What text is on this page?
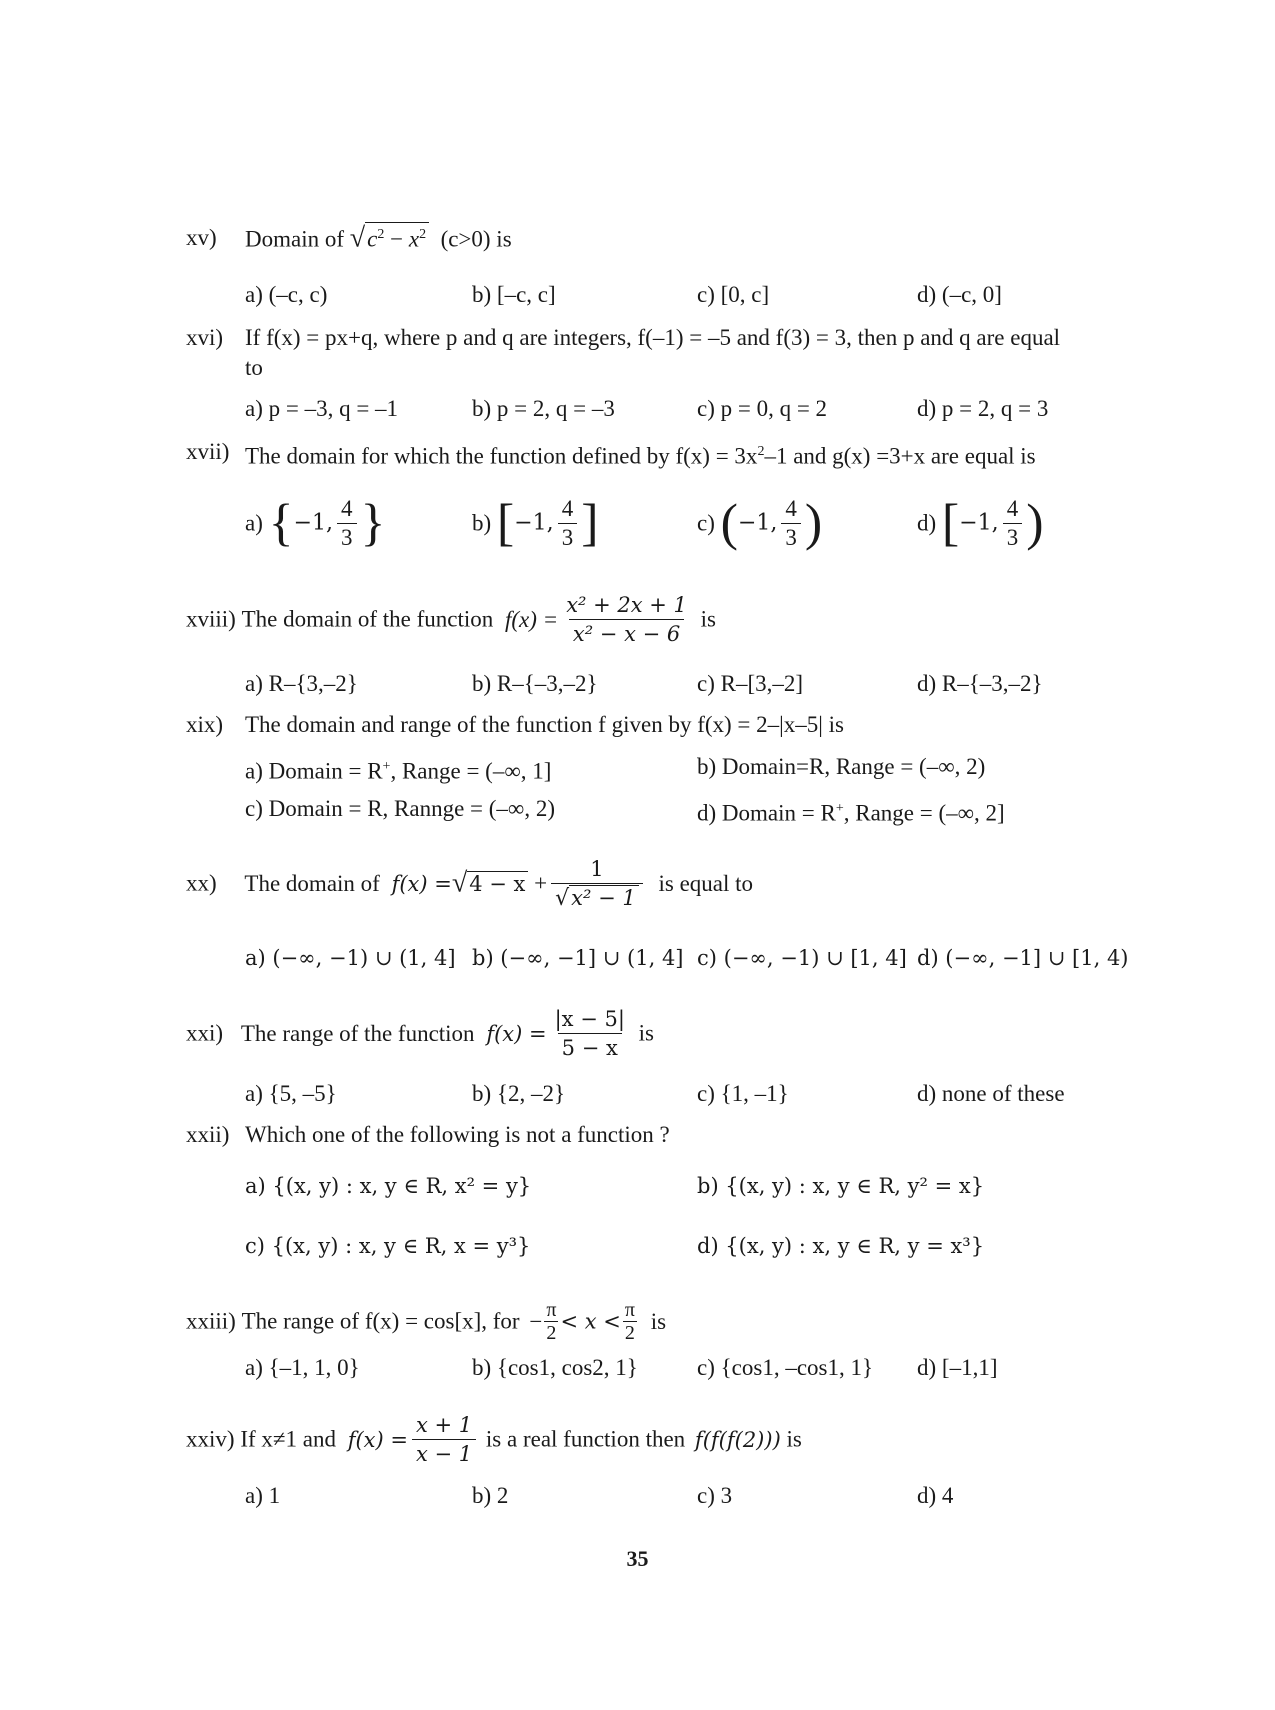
xv) Domain of $√c^2 - x^2$ (c>0) is
a) (–c, c)	b) [–c, c]	c) [0, c]	d) (–c, 0]
xvi) If f(x) = px+q, where p and q are integers, f(–1) = –5 and f(3) = 3, then p and q are equal
to
a) p = –3, q = –1	b) p = 2, q = –3	c) p = 0, q = 2	d) p = 2, q = 3
xvii) The domain for which the function defined by $f(x) = 3x^2-1$ and g(x) =3+x are equal is
a) {−1, $\frac{4}{3}$ }	b) [−1, $\frac{4}{3}$ ]	c) (−1, $\frac{4}{3}$ )	d) [−1, $\frac{4}{3}$ )
xviii) The domain of the function $f(x) = \frac{\text{x² + 2x + 1}}{\text{x² − x − 6}}$ is
a) R–{3,–2}	b) R–{–3,–2}	c) R–[3,–2]	d) R–{–3,–2}
xix) The domain and range of the function f given by f(x) = 2–|x–5| is
a) Domain = R+, Range = (–∞, 1]	b) Domain=R, Range = (–∞, 2)
c) Domain = R, Rannge = (–∞, 2)	d) Domain = R+, Range = (–∞, 2]
xx) The domain of $f(x) =√4 - x + \frac{1}{\text{√x² − 1}}$ is equal to
a) (−∞, −1) ∪ (1, 4] b) (−∞, −1] ∪ (1, 4] c) (−∞, −1) ∪ [1, 4] d) (−∞, −1] ∪ [1, 4)
xxi) The range of the function $f(x) = \frac{|x - 5|}{5 - x}$ is
a) {5, –5}	b) {2, –2}	c) {1, –1}	d) none of these
xxii) Which one of the following is not a function ?
a) {(x, y) : x, y ∈ R, x² = y}	b) {(x, y) : x, y ∈ R, y² = x}
c) {(x, y) : x, y ∈ R, x = y³}	d) {(x, y) : x, y ∈ R, y = x³}
xxiii) The range of f(x) = cos[x], for − $\frac{\pi}{2} < x < \frac{\pi}{2}$ is
a) {–1, 1, 0}	b) {cos1, cos2, 1}	c) {cos1, –cos1, 1} d) [–1,1]
xxiv) If x≠1 and $f(x) = \frac{x + 1}{x - 1}$ is a real function then f(f(f(2))) is
a) 1	b) 2	c) 3	d) 4
35
